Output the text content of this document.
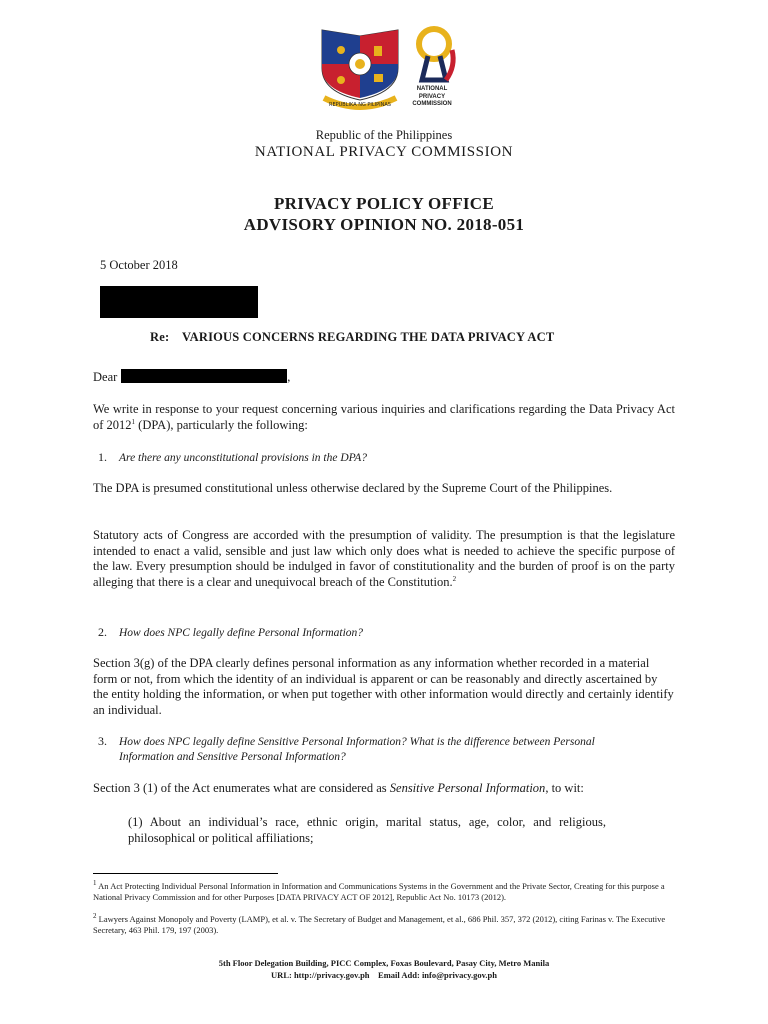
REPUBLIKA NG PILIPINAS
NATIONAL
PRIVACY
COMMISSION
Republic of the Philippines
NATIONAL PRIVACY COMMISSION
PRIVACY POLICY OFFICE
ADVISORY OPINION NO. 2018-051
5 October 2018
Re: VARIOUS CONCERNS REGARDING THE DATA PRIVACY ACT
Dear	,
We write in response to your request concerning various inquiries and clarifications regarding the Data Privacy Act of 2012$^1$ (DPA), particularly the following:
1. Are there any unconstitutional provisions in the DPA?
The DPA is presumed constitutional unless otherwise declared by the Supreme Court of the Philippines.
Statutory acts of Congress are accorded with the presumption of validity. The presumption is that the legislature intended to enact a valid, sensible and just law which only does what is needed to achieve the specific purpose of the law. Every presumption should be indulged in favor of constitutionality and the burden of proof is on the party alleging that there is a clear and unequivocal breach of the Constitution.$^2$
2. How does NPC legally define Personal Information?
Section 3(g) of the DPA clearly defines personal information as any information whether recorded in a material form or not, from which the identity of an individual is apparent or can be reasonably and directly ascertained by the entity holding the information, or when put together with other information would directly and certainly identify an individual.
3. How does NPC legally define Sensitive Personal Information? What is the difference between Personal
Information and Sensitive Personal Information?
Section 3 (1) of the Act enumerates what are considered as Sensitive Personal Information, to wit:
(1) About an individual’s race, ethnic origin, marital status, age, color, and religious, philosophical or political affiliations;
$^1$ An Act Protecting Individual Personal Information in Information and Communications Systems in the Government and the Private Sector, Creating for this purpose a National Privacy Commission and for other Purposes [DATA PRIVACY ACT OF 2012], Republic Act No. 10173 (2012).
$^2$ Lawyers Against Monopoly and Poverty (LAMP), et al. v. The Secretary of Budget and Management, et al., 686 Phil. 357, 372 (2012), citing Farinas v. The Executive Secretary, 463 Phil. 179, 197 (2003).
5th Floor Delegation Building, PICC Complex, Foxas Boulevard, Pasay City, Metro Manila
URL: http://privacy.gov.ph    Email Add: info@privacy.gov.ph
